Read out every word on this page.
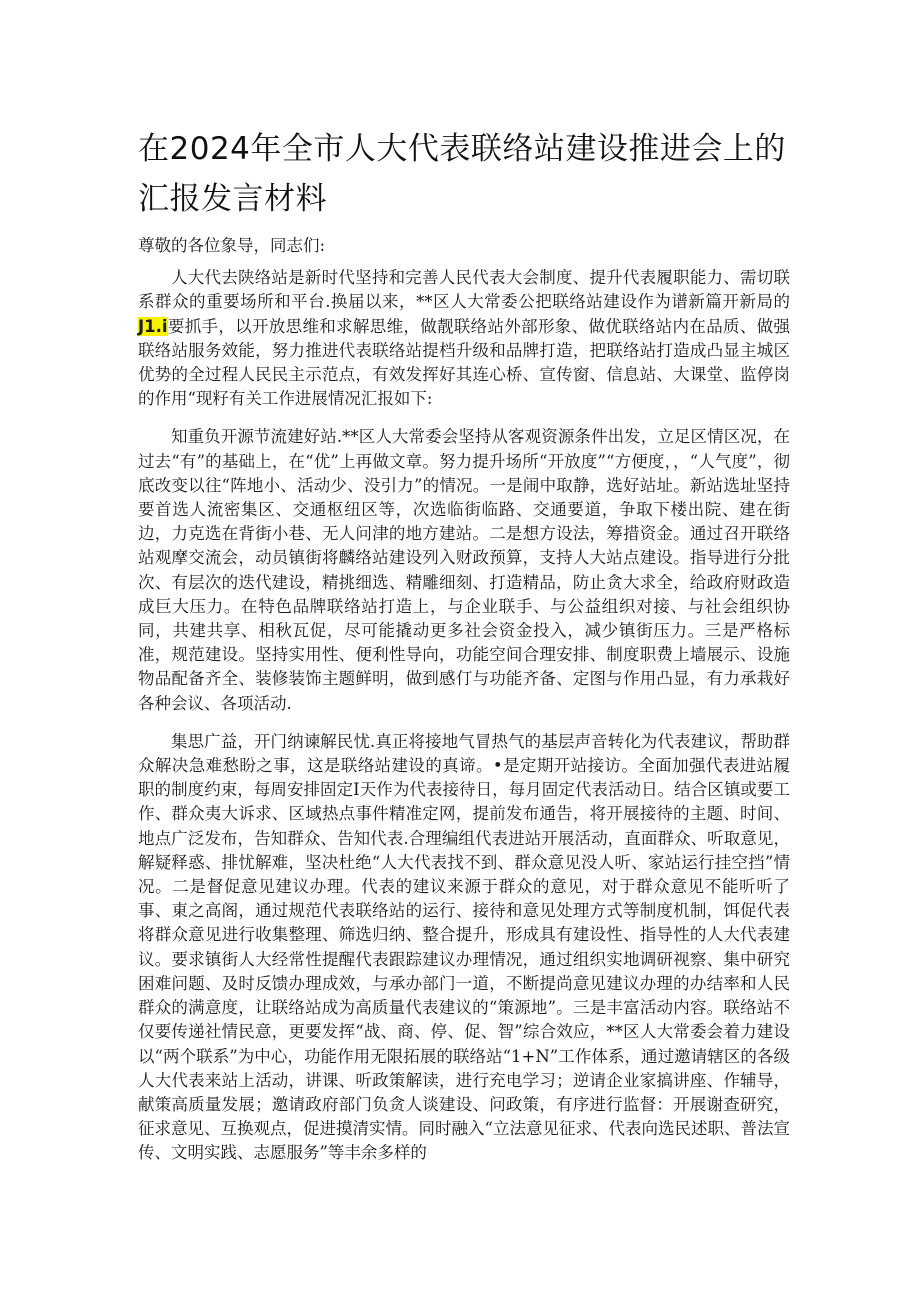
在2024年全市人大代表联络站建设推进会上的汇报发言材料

尊敬的各位象导，同志们:

人大代去陕络站是新时代坚持和完善人民代表大会制度、提升代表履职能力、需切联系群众的重要场所和平台.换届以来，**区人大常委公把联络站建设作为谱新篇开新局的J1.i要抓手，以开放思维和求解思维，做靓联络站外部形象、做优联络站内在品质、做强联络站服务效能，努力推进代表联络站提档升级和品牌打造，把联络站打造成凸显主城区优势的全过程人民民主示范点，有效发挥好其连心桥、宣传窗、信息站、大课堂、监停岗的作用“现籽有关工作进展情况汇报如下:

知重负开源节流建好站.**区人大常委会坚持从客观资源条件出发，立足区情区况，在过去“有”的基础上，在“优”上再做文章。努力提升场所“开放度”“方便度，，“人气度”，彻底改变以往“阵地小、活动少、没引力”的情况。一是闹中取静，选好站址。新站选址坚持要首选人流密集区、交通枢纽区等，次选临街临路、交通要道，争取下楼出院、建在街边，力克选在背街小巷、无人问津的地方建站。二是想方设法，筹措资金。通过召开联络站观摩交流会，动员镇街将麟络站建设列入财政预算，支持人大站点建设。指导进行分批次、有层次的迭代建设，精挑细选、精雕细刻、打造精品，防止贪大求全，给政府财政造成巨大压力。在特色品牌联络站打造上，与企业联手、与公益组织对接、与社会组织协同，共建共享、相秋瓦促，尽可能撬动更多社会资金投入，减少镇街压力。三是严格标准，规范建设。坚持实用性、便利性导向，功能空间合理安排、制度职费上墙展示、设施物品配备齐全、装修装饰主题鲜明，做到感仃与功能齐备、定图与作用凸显，有力承栽好各种会议、各项活动.

集思广益，开门纳谏解民忧.真正将接地气冒热气的基层声音转化为代表建议，帮助群众解决急难愁盼之事，这是联络站建设的真谛。•是定期开站接访。全面加强代表进站履职的制度约束，每周安排固定I天作为代表接待日，每月固定代表活动日。结合区镇或要工作、群众夷大诉求、区域热点事件精准定网，提前发布通告，将开展接待的主题、时间、地点广泛发布，告知群众、告知代表.合理编组代表进站开展活动，直面群众、听取意见，解疑释惑、排忧解难，坚决杜绝“人大代表找不到、群众意见没人听、家站运行挂空挡”情况。二是督促意见建议办理。代表的建议来源于群众的意见，对于群众意见不能听听了事、東之高阁，通过规范代表联络站的运行、接待和意见处理方式等制度机制，饵促代表将群众意见进行收集整理、筛选归纳、整合提升，形成具有建设性、指导性的人大代表建议。要求镇街人大经常性提醒代表跟踪建议办理情况，通过组织实地调研视察、集中研究困难问题、及时反馈办理成效，与承办部门一道，不断提尚意见建议办理的办结率和人民群众的满意度，让联络站成为高质量代表建议的“策源地”。三是丰富活动内容。联络站不仅要传递社情民意，更要发挥“战、商、停、促、智”综合效应，**区人大常委会着力建设以“两个联系”为中心，功能作用无限拓展的联络站“1+N”工作体系，通过邀请辖区的各级人大代表来站上活动，讲课、听政策解读，进行充电学习；逆请企业家搞讲座、作辅导，献策高质量发展；邀请政府部门负贪人谈建设、问政策，有序进行监督：开展谢查研究，征求意见、互换观点，促进摸清实情。同时融入“立法意见征求、代表向选民述职、普法宣传、文明实践、志愿服务”等丰余多样的
